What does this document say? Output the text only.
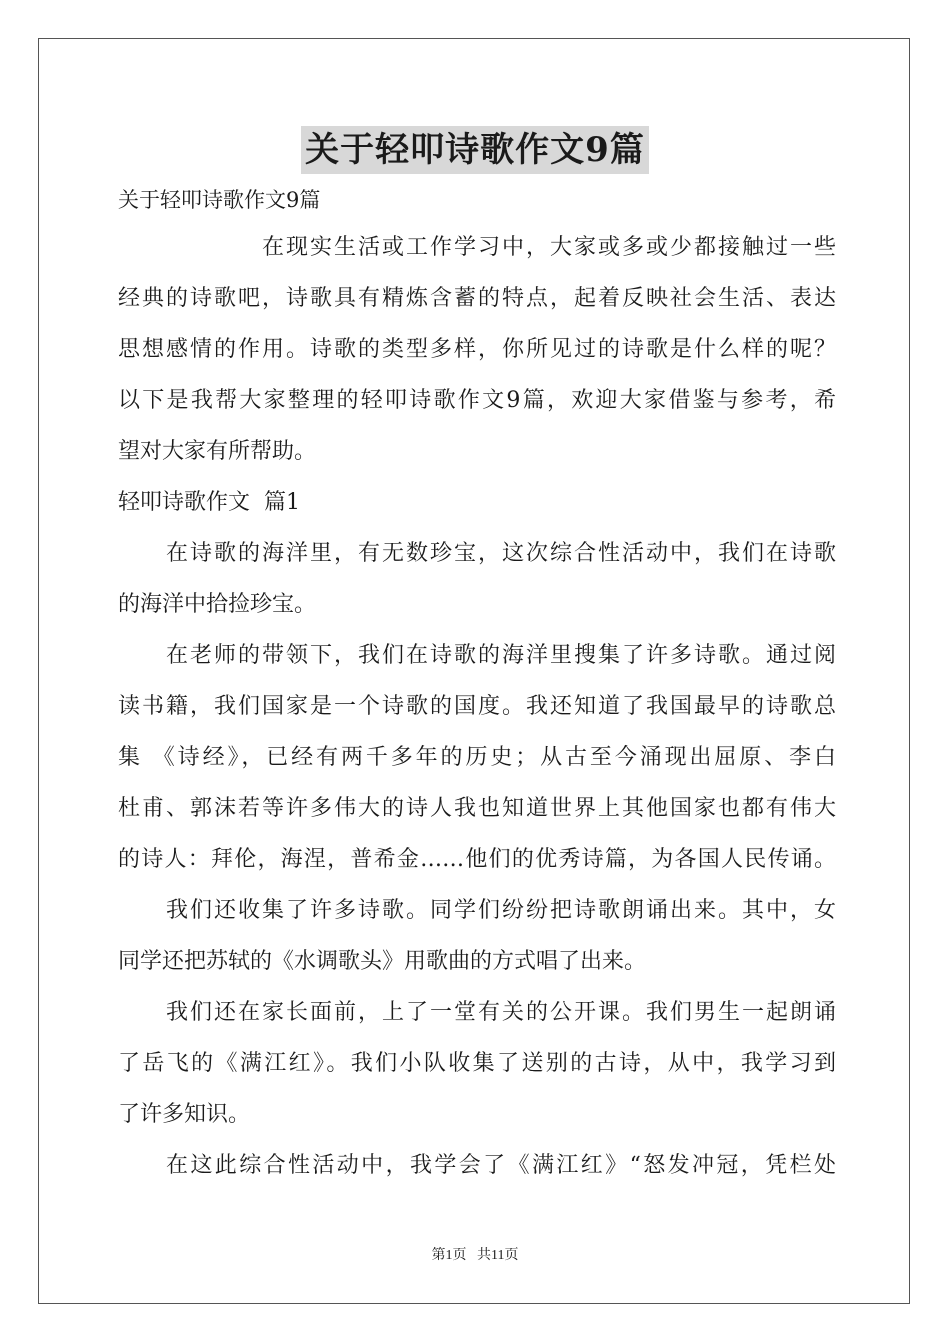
关于轻叩诗歌作文9篇
关于轻叩诗歌作文9篇
在现实生活或工作学习中，大家或多或少都接触过一些
经典的诗歌吧，诗歌具有精炼含蓄的特点，起着反映社会生活、表达
思想感情的作用。诗歌的类型多样，你所见过的诗歌是什么样的呢？
以下是我帮大家整理的轻叩诗歌作文9篇，欢迎大家借鉴与参考，希
望对大家有所帮助。
轻叩诗歌作文  篇1
在诗歌的海洋里，有无数珍宝，这次综合性活动中，我们在诗歌
的海洋中拾捡珍宝。
在老师的带领下，我们在诗歌的海洋里搜集了许多诗歌。通过阅
读书籍，我们国家是一个诗歌的国度。我还知道了我国最早的诗歌总
集 《诗经》，已经有两千多年的历史；从古至今涌现出屈原、李白
杜甫、郭沫若等许多伟大的诗人我也知道世界上其他国家也都有伟大
的诗人：拜伦，海涅，普希金……他们的优秀诗篇，为各国人民传诵。
我们还收集了许多诗歌。同学们纷纷把诗歌朗诵出来。其中，女
同学还把苏轼的《水调歌头》用歌曲的方式唱了出来。
我们还在家长面前，上了一堂有关的公开课。我们男生一起朗诵
了岳飞的《满江红》。我们小队收集了送别的古诗，从中，我学习到
了许多知识。
在这此综合性活动中，我学会了《满江红》“怒发冲冠，凭栏处
第1页   共11页
